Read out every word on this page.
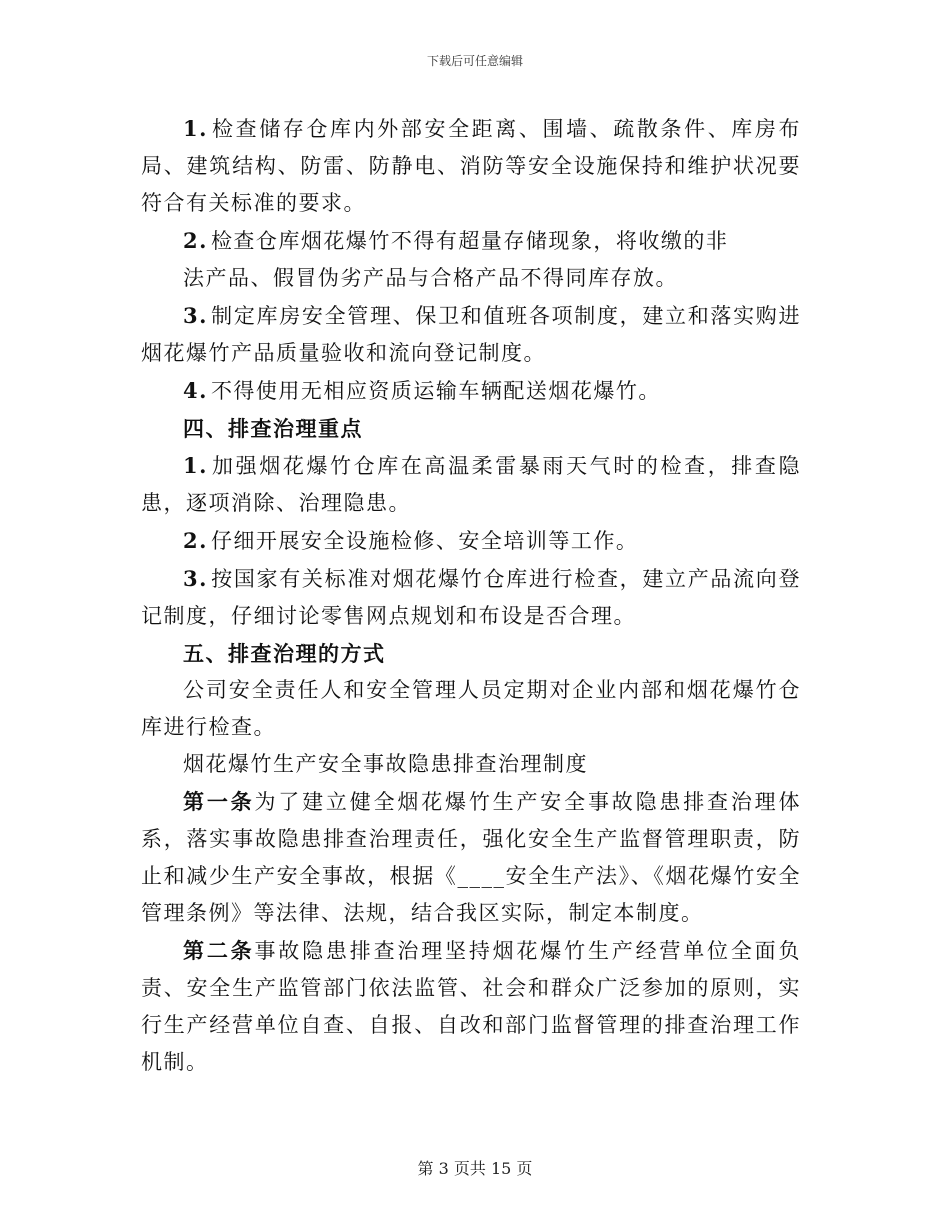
下载后可任意编辑

1. 检查储存仓库内外部安全距离、围墙、疏散条件、库房布局、建筑结构、防雷、防静电、消防等安全设施保持和维护状况要符合有关标准的要求。

2. 检查仓库烟花爆竹不得有超量存储现象，将收缴的非

法产品、假冒伪劣产品与合格产品不得同库存放。

3. 制定库房安全管理、保卫和值班各项制度，建立和落实购进烟花爆竹产品质量验收和流向登记制度。

4. 不得使用无相应资质运输车辆配送烟花爆竹。

四、排查治理重点

1. 加强烟花爆竹仓库在高温柔雷暴雨天气时的检查，排查隐患，逐项消除、治理隐患。

2. 仔细开展安全设施检修、安全培训等工作。

3. 按国家有关标准对烟花爆竹仓库进行检查，建立产品流向登记制度，仔细讨论零售网点规划和布设是否合理。

五、排查治理的方式

公司安全责任人和安全管理人员定期对企业内部和烟花爆竹仓库进行检查。

烟花爆竹生产安全事故隐患排查治理制度

第一条为了建立健全烟花爆竹生产安全事故隐患排查治理体系，落实事故隐患排查治理责任，强化安全生产监督管理职责，防止和减少生产安全事故，根据《____安全生产法》、《烟花爆竹安全管理条例》等法律、法规，结合我区实际，制定本制度。

第二条事故隐患排查治理坚持烟花爆竹生产经营单位全面负责、安全生产监管部门依法监管、社会和群众广泛参加的原则，实行生产经营单位自查、自报、自改和部门监督管理的排查治理工作机制。

第 3 页共 15 页
